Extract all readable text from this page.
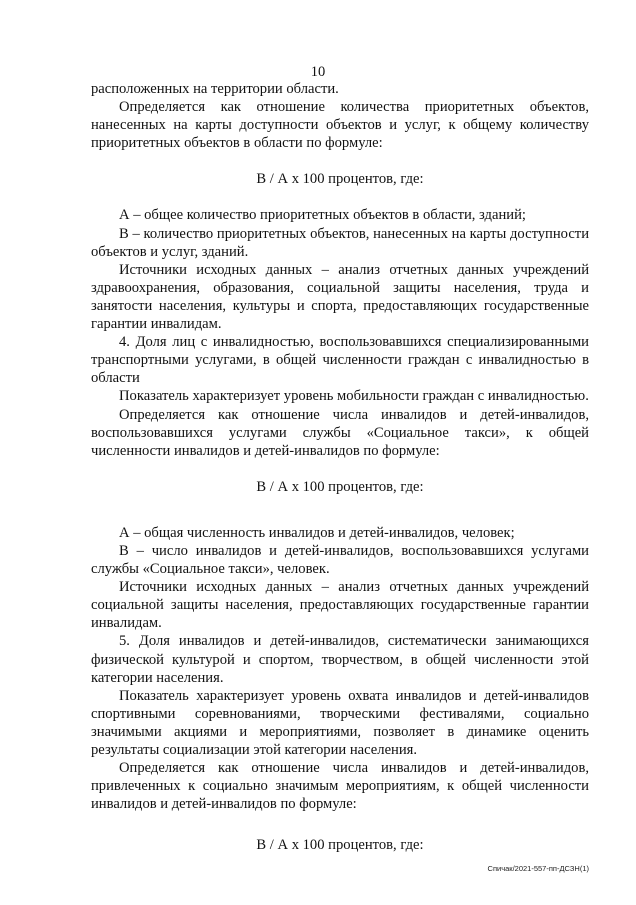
10

расположенных на территории области.

Определяется как отношение количества приоритетных объектов, нанесенных на карты доступности объектов и услуг, к общему количеству приоритетных объектов в области по формуле:

В / А х 100 процентов, где:

А – общее количество приоритетных объектов в области, зданий;

В – количество приоритетных объектов, нанесенных на карты доступности объектов и услуг, зданий.

Источники исходных данных – анализ отчетных данных учреждений здравоохранения, образования, социальной защиты населения, труда и занятости населения, культуры и спорта, предоставляющих государственные гарантии инвалидам.

4. Доля лиц с инвалидностью, воспользовавшихся специализированными транспортными услугами, в общей численности граждан с инвалидностью в области

Показатель характеризует уровень мобильности граждан с инвалидностью.

Определяется как отношение числа инвалидов и детей-инвалидов, воспользовавшихся услугами службы «Социальное такси», к общей численности инвалидов и детей-инвалидов по формуле:

В / А х 100 процентов, где:

А – общая численность инвалидов и детей-инвалидов, человек;

В – число инвалидов и детей-инвалидов, воспользовавшихся услугами службы «Социальное такси», человек.

Источники исходных данных – анализ отчетных данных учреждений социальной защиты населения, предоставляющих государственные гарантии инвалидам.

5. Доля инвалидов и детей-инвалидов, систематически занимающихся физической культурой и спортом, творчеством, в общей численности этой категории населения.

Показатель характеризует уровень охвата инвалидов и детей-инвалидов спортивными соревнованиями, творческими фестивалями, социально значимыми акциями и мероприятиями, позволяет в динамике оценить результаты социализации этой категории населения.

Определяется как отношение числа инвалидов и детей-инвалидов, привлеченных к социально значимым мероприятиям, к общей численности инвалидов и детей-инвалидов по формуле:

В / А х 100 процентов, где:

Спичак/2021-557-пп-ДСЗН(1)
